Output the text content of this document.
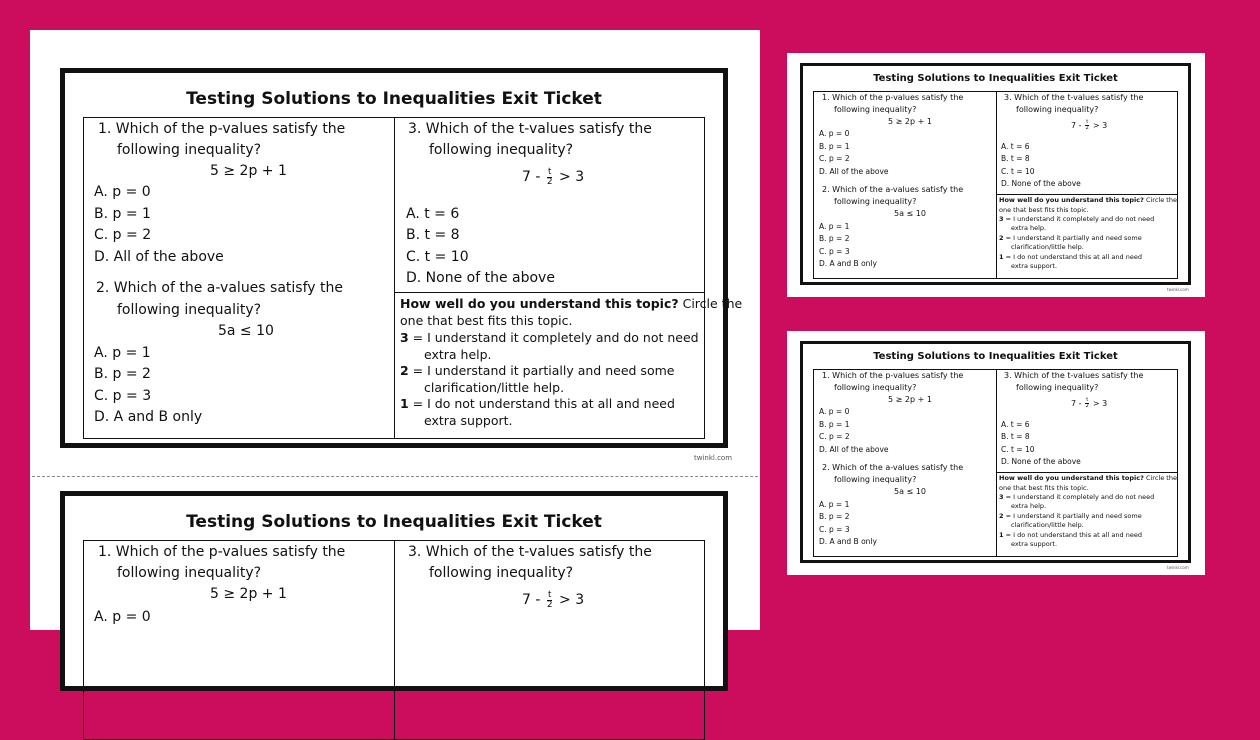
Testing Solutions to Inequalities Exit Ticket
1. Which of the p-values satisfy the
following inequality?
5 ≥ 2p + 1
A. p = 0
B. p = 1
C. p = 2
D. All of the above
2. Which of the a-values satisfy the
following inequality?
5a ≤ 10
A. p = 1
B. p = 2
C. p = 3
D. A and B only
3. Which of the t-values satisfy the
following inequality?
$7 - \frac{t}{2} > 3$
A. t = 6
B. t = 8
C. t = 10
D. None of the above
How well do you understand this topic? Circle the
one that best fits this topic.
3 = I understand it completely and do not need
extra help.
2 = I understand it partially and need some
clarification/little help.
1 = I do not understand this at all and need
extra support.
twinkl.com
Testing Solutions to Inequalities Exit Ticket
1. Which of the p-values satisfy the
following inequality?
5 ≥ 2p + 1
A. p = 0
3. Which of the t-values satisfy the
following inequality?
$7 - \frac{t}{2} > 3$
Testing Solutions to Inequalities Exit Ticket
1. Which of the p-values satisfy the
following inequality?
5 ≥ 2p + 1
A. p = 0
B. p = 1
C. p = 2
D. All of the above
2. Which of the a-values satisfy the
following inequality?
5a ≤ 10
A. p = 1
B. p = 2
C. p = 3
D. A and B only
3. Which of the t-values satisfy the
following inequality?
$7 - \frac{t}{2} > 3$
A. t = 6
B. t = 8
C. t = 10
D. None of the above
How well do you understand this topic? Circle the
one that best fits this topic.
3 = I understand it completely and do not need
extra help.
2 = I understand it partially and need some
clarification/little help.
1 = I do not understand this at all and need
extra support.
twinkl.com
Testing Solutions to Inequalities Exit Ticket
1. Which of the p-values satisfy the
following inequality?
5 ≥ 2p + 1
A. p = 0
B. p = 1
C. p = 2
D. All of the above
2. Which of the a-values satisfy the
following inequality?
5a ≤ 10
A. p = 1
B. p = 2
C. p = 3
D. A and B only
3. Which of the t-values satisfy the
following inequality?
$7 - \frac{t}{2} > 3$
A. t = 6
B. t = 8
C. t = 10
D. None of the above
How well do you understand this topic? Circle the
one that best fits this topic.
3 = I understand it completely and do not need
extra help.
2 = I understand it partially and need some
clarification/little help.
1 = I do not understand this at all and need
extra support.
twinkl.com
